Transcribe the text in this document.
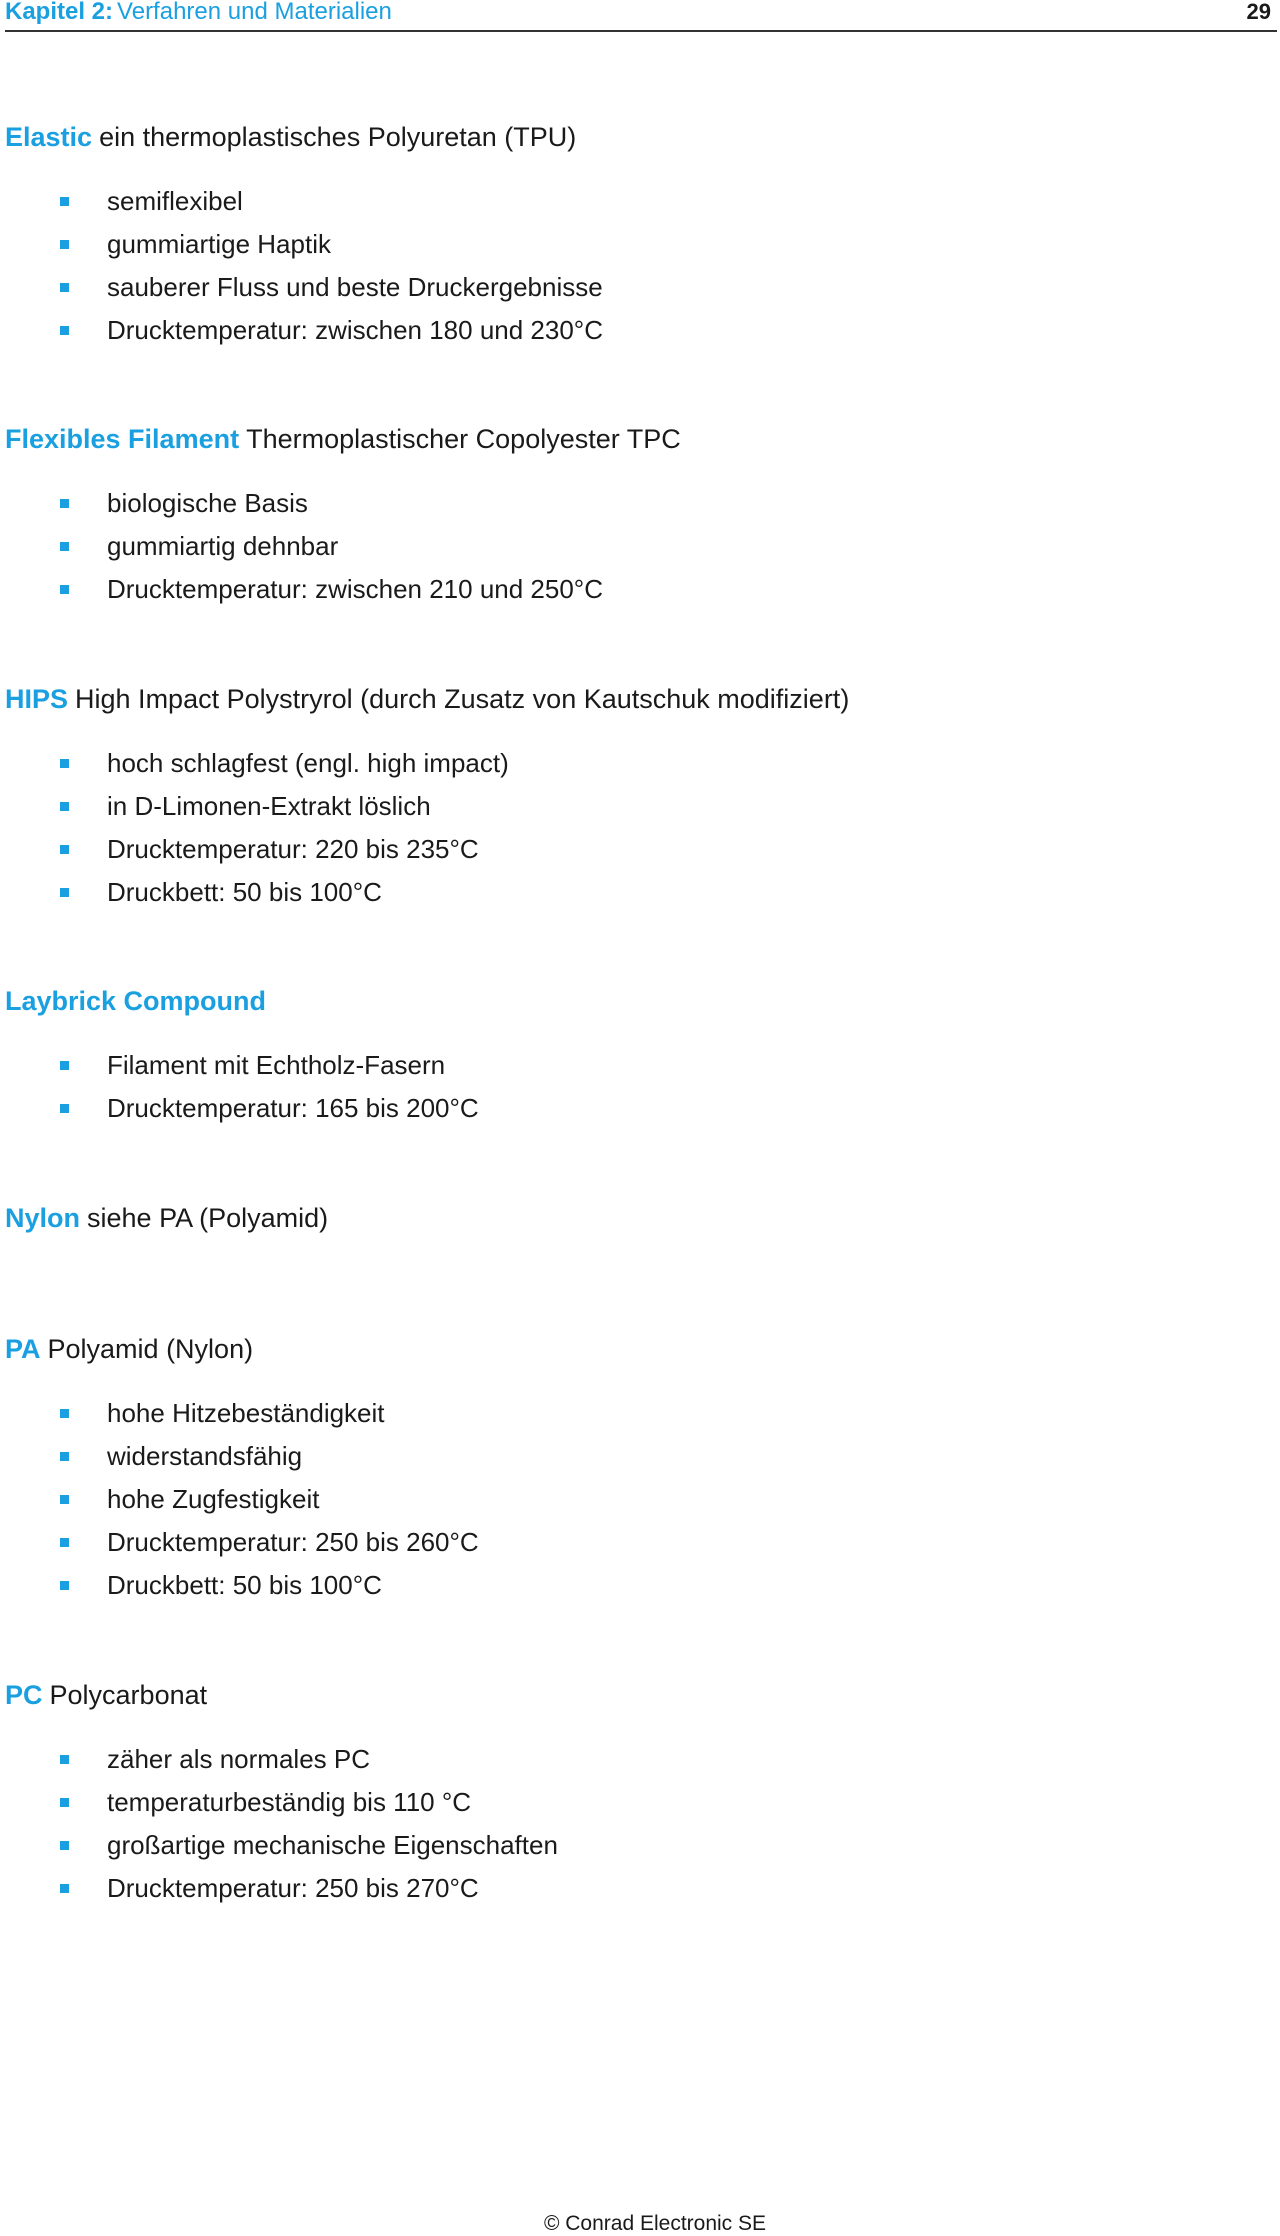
Kapitel 2: Verfahren und Materialien	29
Elastic ein thermoplastisches Polyuretan (TPU)
semiflexibel
gummiartige Haptik
sauberer Fluss und beste Druckergebnisse
Drucktemperatur: zwischen 180 und 230°C
Flexibles Filament Thermoplastischer Copolyester TPC
biologische Basis
gummiartig dehnbar
Drucktemperatur: zwischen 210 und 250°C
HIPS High Impact Polystryrol (durch Zusatz von Kautschuk modifiziert)
hoch schlagfest (engl. high impact)
in D-Limonen-Extrakt löslich
Drucktemperatur: 220 bis 235°C
Druckbett: 50 bis 100°C
Laybrick Compound
Filament mit Echtholz-Fasern
Drucktemperatur: 165 bis 200°C
Nylon siehe PA (Polyamid)
PA Polyamid (Nylon)
hohe Hitzebeständigkeit
widerstandsfähig
hohe Zugfestigkeit
Drucktemperatur: 250 bis 260°C
Druckbett: 50 bis 100°C
PC Polycarbonat
zäher als normales PC
temperaturbeständig bis 110 °C
großartige mechanische Eigenschaften
Drucktemperatur: 250 bis 270°C
© Conrad Electronic SE
